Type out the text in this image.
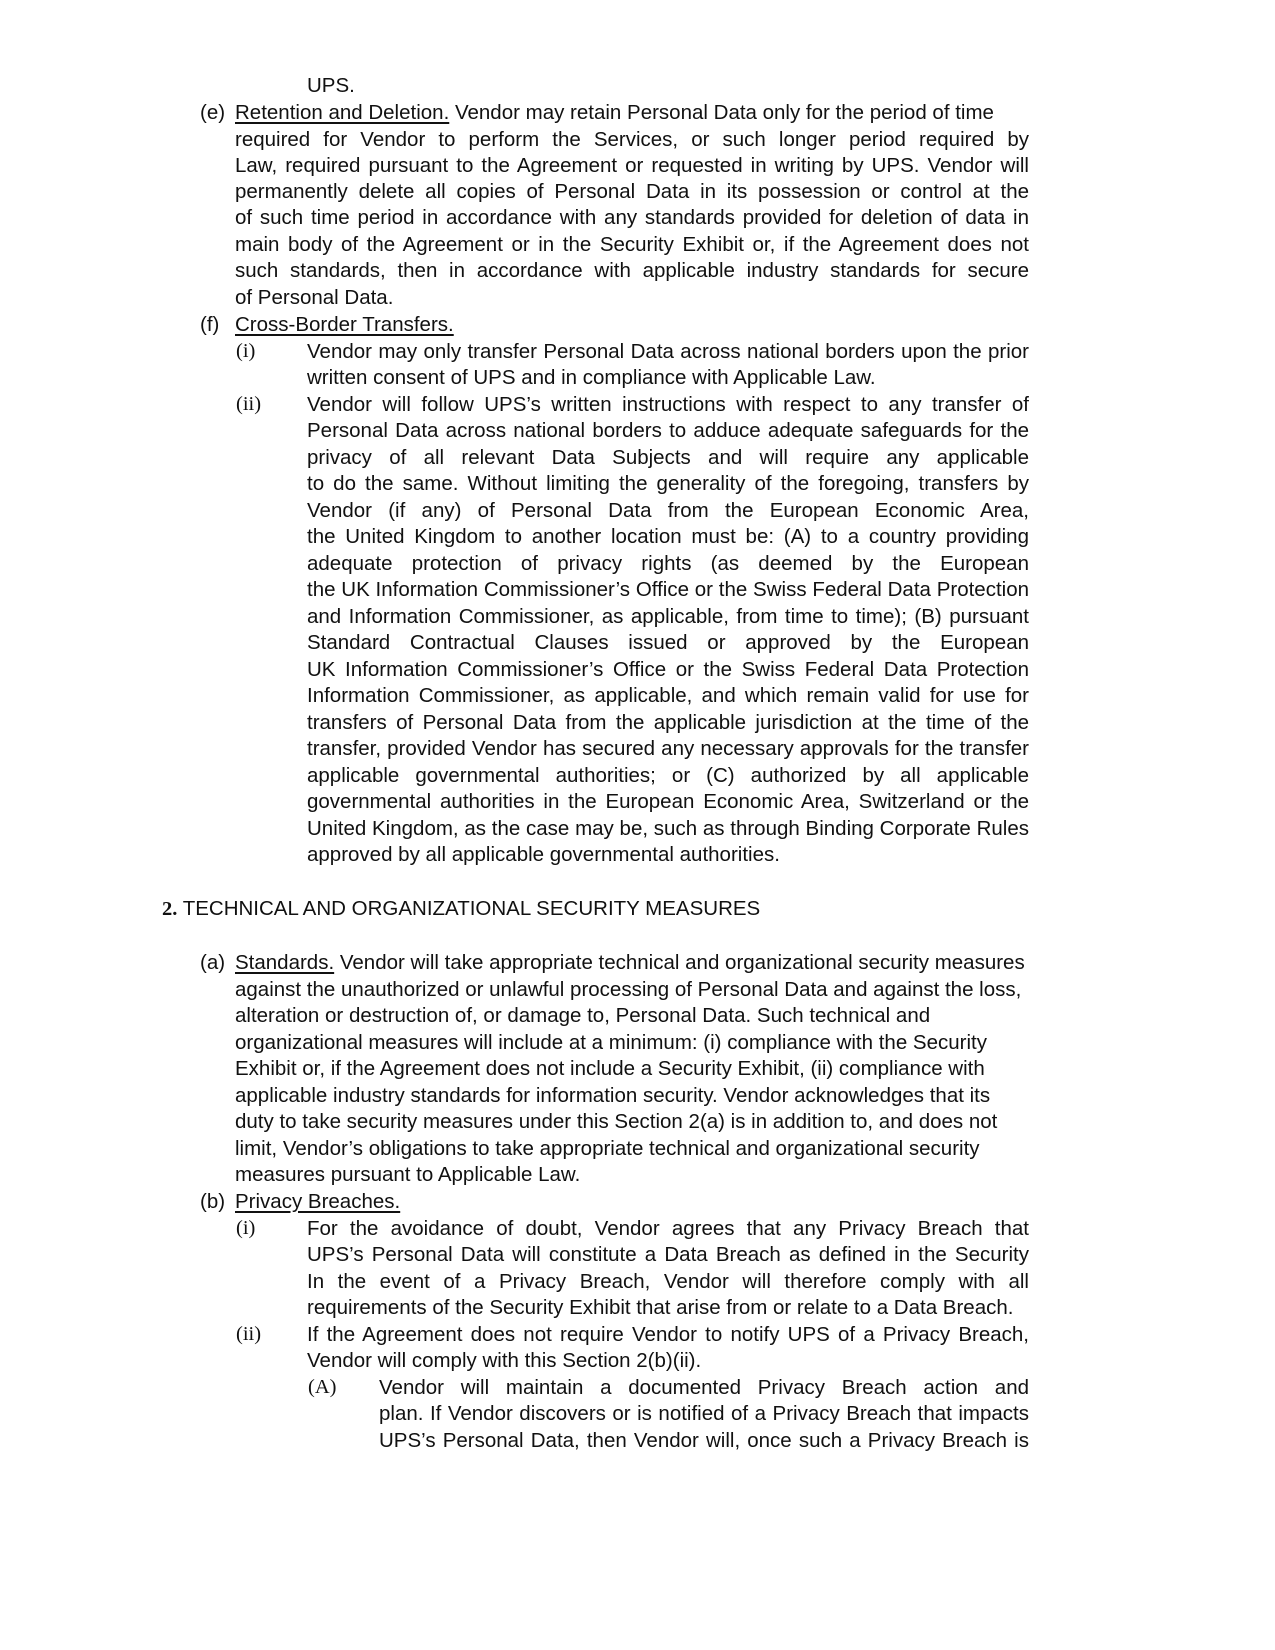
UPS.
(e) Retention and Deletion. Vendor may retain Personal Data only for the period of time
required for Vendor to perform the Services, or such longer period required by
Law, required pursuant to the Agreement or requested in writing by UPS. Vendor will
permanently delete all copies of Personal Data in its possession or control at the
of such time period in accordance with any standards provided for deletion of data in
main body of the Agreement or in the Security Exhibit or, if the Agreement does not
such standards, then in accordance with applicable industry standards for secure
of Personal Data.
(f) Cross-Border Transfers.
(i)	Vendor may only transfer Personal Data across national borders upon the prior
written consent of UPS and in compliance with Applicable Law.
(ii) Vendor will follow UPS’s written instructions with respect to any transfer of
Personal Data across national borders to adduce adequate safeguards for the
privacy of all relevant Data Subjects and will require any applicable
to do the same. Without limiting the generality of the foregoing, transfers by
Vendor (if any) of Personal Data from the European Economic Area,
the United Kingdom to another location must be: (A) to a country providing
adequate protection of privacy rights (as deemed by the European
the UK Information Commissioner’s Office or the Swiss Federal Data Protection
and Information Commissioner, as applicable, from time to time); (B) pursuant
Standard Contractual Clauses issued or approved by the European
UK Information Commissioner’s Office or the Swiss Federal Data Protection
Information Commissioner, as applicable, and which remain valid for use for
transfers of Personal Data from the applicable jurisdiction at the time of the
transfer, provided Vendor has secured any necessary approvals for the transfer
applicable governmental authorities; or (C) authorized by all applicable
governmental authorities in the European Economic Area, Switzerland or the
United Kingdom, as the case may be, such as through Binding Corporate Rules
approved by all applicable governmental authorities.
2. TECHNICAL AND ORGANIZATIONAL SECURITY MEASURES
(a) Standards. Vendor will take appropriate technical and organizational security measures
against the unauthorized or unlawful processing of Personal Data and against the loss,
alteration or destruction of, or damage to, Personal Data. Such technical and
organizational measures will include at a minimum: (i) compliance with the Security
Exhibit or, if the Agreement does not include a Security Exhibit, (ii) compliance with
applicable industry standards for information security. Vendor acknowledges that its
duty to take security measures under this Section 2(a) is in addition to, and does not
limit, Vendor’s obligations to take appropriate technical and organizational security
measures pursuant to Applicable Law.
(b) Privacy Breaches.
(i)	For the avoidance of doubt, Vendor agrees that any Privacy Breach that
UPS’s Personal Data will constitute a Data Breach as defined in the Security
In the event of a Privacy Breach, Vendor will therefore comply with all
requirements of the Security Exhibit that arise from or relate to a Data Breach.
(ii) If the Agreement does not require Vendor to notify UPS of a Privacy Breach,
Vendor will comply with this Section 2(b)(ii).
(A) Vendor will maintain a documented Privacy Breach action and
plan. If Vendor discovers or is notified of a Privacy Breach that impacts
UPS’s Personal Data, then Vendor will, once such a Privacy Breach is
